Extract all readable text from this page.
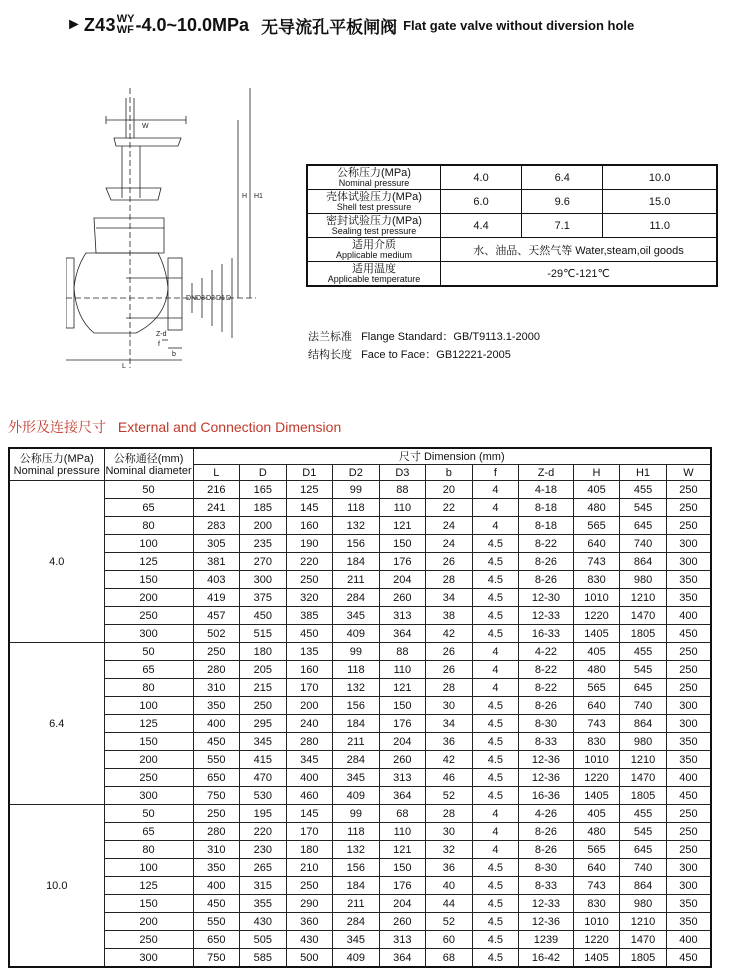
► Z43 WY
WF -4.0~10.0MPa 无导流孔平板闸阀 Flat gate valve without diversion hole
W
H H1
DN D3 D2 D1 D
L
b
f
Z-d
公称压力(MPa)
Nominal pressure	4.0	6.4	10.0

壳体试验压力(MPa)
Shell test pressure	6.0	9.6	15.0

密封试验压力(MPa)
Sealing test pressure	4.4	7.1	11.0

适用介质
Applicable medium	水、油品、天然气等 Water,steam,oil goods		

适用温度
Applicable temperature	-29℃-121℃		
法兰标准 Flange Standard：GB/T9113.1-2000
结构长度 Face to Face：GB12221-2005
外形及连接尺寸 External and Connection Dimension
公称压力(MPa)
Nominal pressure	公称通径(mm)
Nominal diameter	尺寸 Dimension (mm)										
		L	D	D1	D2	D3	b	f	Z-d	H	H1	W
4.0	50	216	165	125	99	88	20	4	4-18	405	455	250
	65	241	185	145	118	110	22	4	8-18	480	545	250
	80	283	200	160	132	121	24	4	8-18	565	645	250
	100	305	235	190	156	150	24	4.5	8-22	640	740	300
	125	381	270	220	184	176	26	4.5	8-26	743	864	300
	150	403	300	250	211	204	28	4.5	8-26	830	980	350
	200	419	375	320	284	260	34	4.5	12-30	1010	1210	350
	250	457	450	385	345	313	38	4.5	12-33	1220	1470	400
	300	502	515	450	409	364	42	4.5	16-33	1405	1805	450
6.4	50	250	180	135	99	88	26	4	4-22	405	455	250
	65	280	205	160	118	110	26	4	8-22	480	545	250
	80	310	215	170	132	121	28	4	8-22	565	645	250
	100	350	250	200	156	150	30	4.5	8-26	640	740	300
	125	400	295	240	184	176	34	4.5	8-30	743	864	300
	150	450	345	280	211	204	36	4.5	8-33	830	980	350
	200	550	415	345	284	260	42	4.5	12-36	1010	1210	350
	250	650	470	400	345	313	46	4.5	12-36	1220	1470	400
	300	750	530	460	409	364	52	4.5	16-36	1405	1805	450
10.0	50	250	195	145	99	68	28	4	4-26	405	455	250
	65	280	220	170	118	110	30	4	8-26	480	545	250
	80	310	230	180	132	121	32	4	8-26	565	645	250
	100	350	265	210	156	150	36	4.5	8-30	640	740	300
	125	400	315	250	184	176	40	4.5	8-33	743	864	300
	150	450	355	290	211	204	44	4.5	12-33	830	980	350
	200	550	430	360	284	260	52	4.5	12-36	1010	1210	350
	250	650	505	430	345	313	60	4.5	1239	1220	1470	400
	300	750	585	500	409	364	68	4.5	16-42	1405	1805	450
